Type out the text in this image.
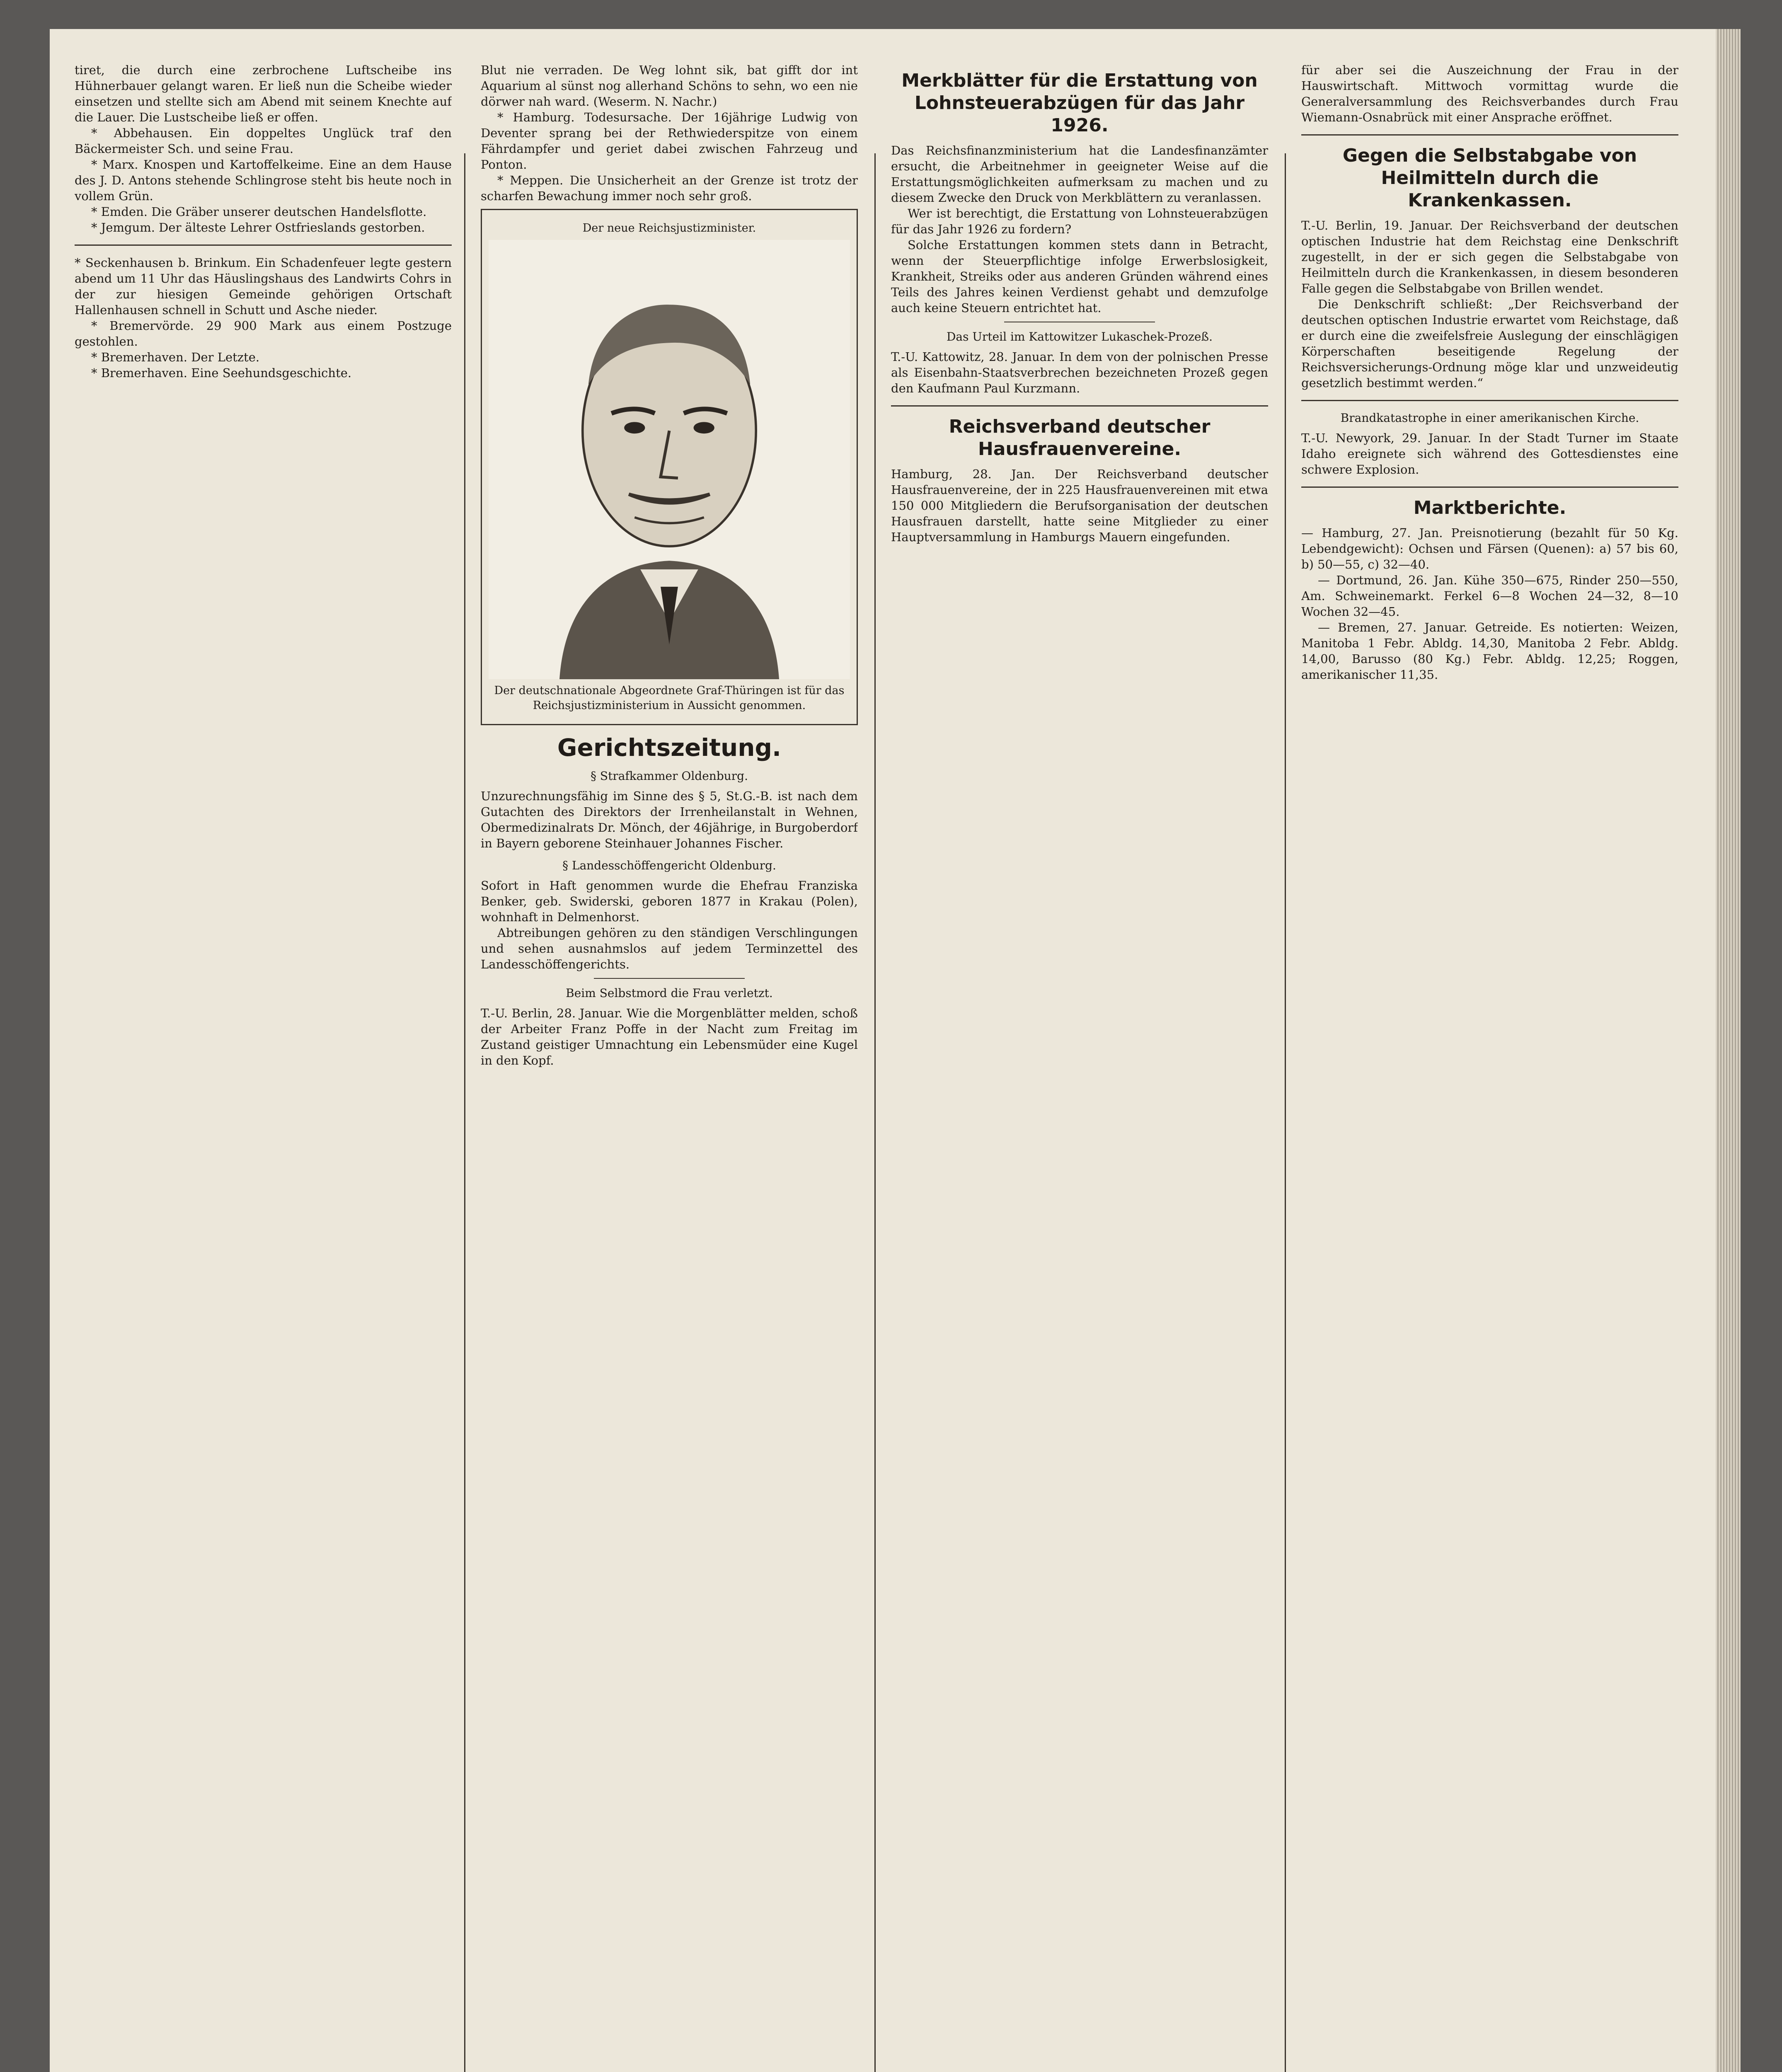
tiret, die durch eine zerbrochene Luftscheibe ins Hühnerbauer gelangt waren. Er ließ nun die Scheibe wieder einsetzen und stellte sich am Abend mit seinem Knechte auf die Lauer. Die Lustscheibe ließ er offen.

* Abbehausen. Ein doppeltes Unglück traf den Bäckermeister Sch. und seine Frau.

* Marx. Knospen und Kartoffelkeime. Eine an dem Hause des J. D. Antons stehende Schlingrose steht bis heute noch in vollem Grün.

* Emden. Die Gräber unserer deutschen Handelsflotte.

* Jemgum. Der älteste Lehrer Ostfrieslands gestorben.

* Seckenhausen b. Brinkum. Ein Schadenfeuer legte gestern abend um 11 Uhr das Häuslingshaus des Landwirts Cohrs in der zur hiesigen Gemeinde gehörigen Ortschaft Hallenhausen schnell in Schutt und Asche nieder.

* Bremervörde. 29 900 Mark aus einem Postzuge gestohlen.

* Bremerhaven. Der Letzte.

* Bremerhaven. Eine Seehundsgeschichte.

Blut nie verraden. De Weg lohnt sik, bat gifft dor int Aquarium al sünst nog allerhand Schöns to sehn, wo een nie dörwer nah ward. (Weserm. N. Nachr.)

* Hamburg. Todesursache. Der 16jährige Ludwig von Deventer sprang bei der Rethwiederspitze von einem Fährdampfer und geriet dabei zwischen Fahrzeug und Ponton.

* Meppen. Die Unsicherheit an der Grenze ist trotz der scharfen Bewachung immer noch sehr groß.

Der neue Reichsjustizminister.
Der deutschnationale Abgeordnete Graf-Thüringen ist für das Reichsjustizministerium in Aussicht genommen.
Gerichtszeitung.
§ Strafkammer Oldenburg.

Unzurechnungsfähig im Sinne des § 5, St.G.-B. ist nach dem Gutachten des Direktors der Irrenheilanstalt in Wehnen, Obermedizinalrats Dr. Mönch, der 46jährige, in Burgoberdorf in Bayern geborene Steinhauer Johannes Fischer.

§ Landesschöffengericht Oldenburg.

Sofort in Haft genommen wurde die Ehefrau Franziska Benker, geb. Swiderski, geboren 1877 in Krakau (Polen), wohnhaft in Delmenhorst.

Abtreibungen gehören zu den ständigen Verschlingungen und sehen ausnahmslos auf jedem Terminzettel des Landesschöffengerichts.

Beim Selbstmord die Frau verletzt.

T.-U. Berlin, 28. Januar. Wie die Morgenblätter melden, schoß der Arbeiter Franz Poffe in der Nacht zum Freitag im Zustand geistiger Umnachtung ein Lebensmüder eine Kugel in den Kopf.

Merkblätter für die Erstattung von Lohnsteuerabzügen für das Jahr 1926.

Das Reichsfinanzministerium hat die Landesfinanzämter ersucht, die Arbeitnehmer in geeigneter Weise auf die Erstattungsmöglichkeiten aufmerksam zu machen und zu diesem Zwecke den Druck von Merkblättern zu veranlassen.

Wer ist berechtigt, die Erstattung von Lohnsteuerabzügen für das Jahr 1926 zu fordern?

Solche Erstattungen kommen stets dann in Betracht, wenn der Steuerpflichtige infolge Erwerbslosigkeit, Krankheit, Streiks oder aus anderen Gründen während eines Teils des Jahres keinen Verdienst gehabt und demzufolge auch keine Steuern entrichtet hat.

Das Urteil im Kattowitzer Lukaschek-Prozeß.

T.-U. Kattowitz, 28. Januar. In dem von der polnischen Presse als Eisenbahn-Staatsverbrechen bezeichneten Prozeß gegen den Kaufmann Paul Kurzmann.

Reichsverband deutscher Hausfrauenvereine.

Hamburg, 28. Jan. Der Reichsverband deutscher Hausfrauenvereine, der in 225 Hausfrauenvereinen mit etwa 150 000 Mitgliedern die Berufsorganisation der deutschen Hausfrauen darstellt, hatte seine Mitglieder zu einer Hauptversammlung in Hamburgs Mauern eingefunden.

für aber sei die Auszeichnung der Frau in der Hauswirtschaft. Mittwoch vormittag wurde die Generalversammlung des Reichsverbandes durch Frau Wiemann-Osnabrück mit einer Ansprache eröffnet.

Gegen die Selbstabgabe von Heilmitteln durch die Krankenkassen.

T.-U. Berlin, 19. Januar. Der Reichsverband der deutschen optischen Industrie hat dem Reichstag eine Denkschrift zugestellt, in der er sich gegen die Selbstabgabe von Heilmitteln durch die Krankenkassen, in diesem besonderen Falle gegen die Selbstabgabe von Brillen wendet.

Die Denkschrift schließt: „Der Reichsverband der deutschen optischen Industrie erwartet vom Reichstage, daß er durch eine die zweifelsfreie Auslegung der einschlägigen Körperschaften beseitigende Regelung der Reichsversicherungs-Ordnung möge klar und unzweideutig gesetzlich bestimmt werden.“

Brandkatastrophe in einer amerikanischen Kirche.

T.-U. Newyork, 29. Januar. In der Stadt Turner im Staate Idaho ereignete sich während des Gottesdienstes eine schwere Explosion.

Marktberichte.

— Hamburg, 27. Jan. Preisnotierung (bezahlt für 50 Kg. Lebendgewicht): Ochsen und Färsen (Quenen): a) 57 bis 60, b) 50—55, c) 32—40.

— Dortmund, 26. Jan. Kühe 350—675, Rinder 250—550, Am. Schweinemarkt. Ferkel 6—8 Wochen 24—32, 8—10 Wochen 32—45.

— Bremen, 27. Januar. Getreide. Es notierten: Weizen, Manitoba 1 Febr. Abldg. 14,30, Manitoba 2 Febr. Abldg. 14,00, Barusso (80 Kg.) Febr. Abldg. 12,25; Roggen, amerikanischer 11,35.
